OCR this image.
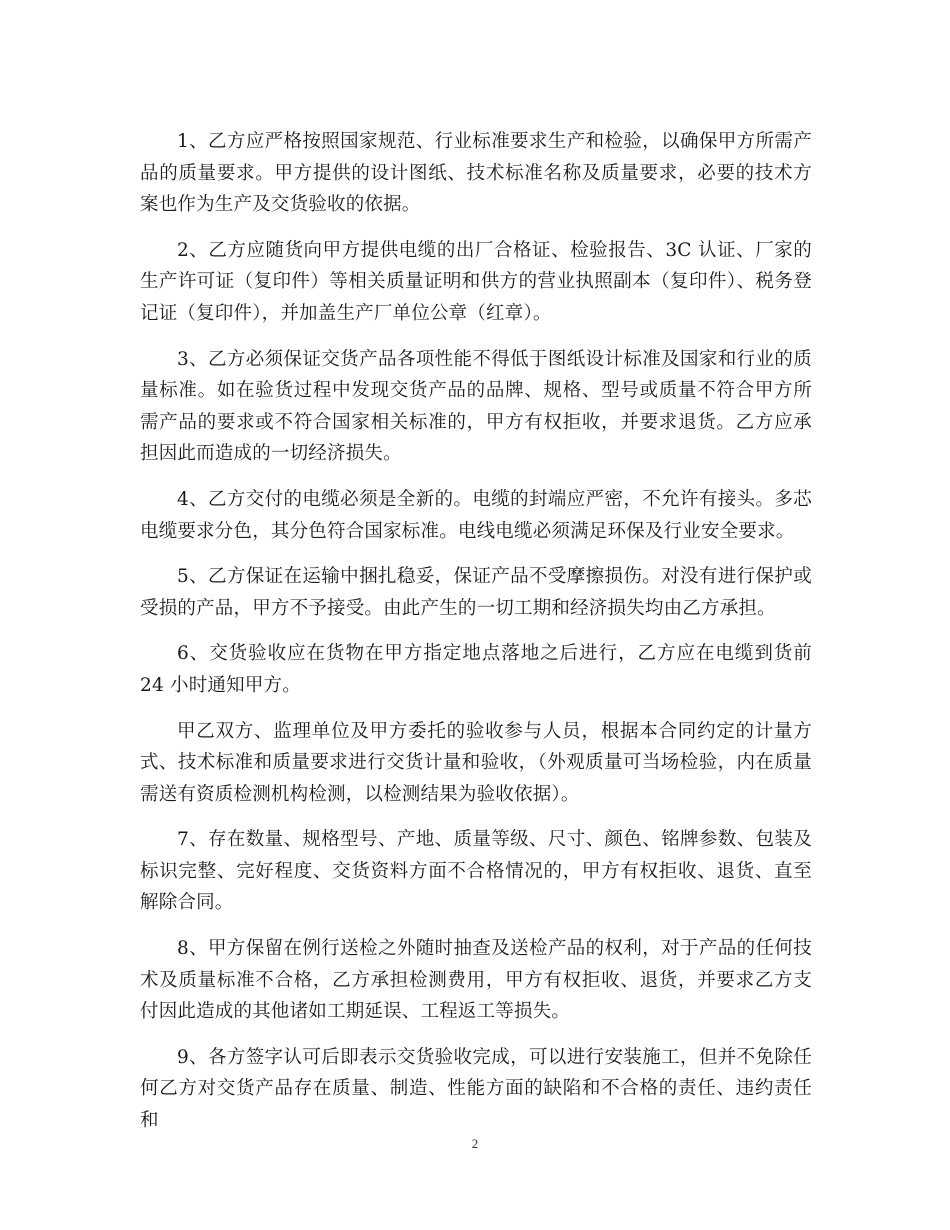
1、乙方应严格按照国家规范、行业标准要求生产和检验，以确保甲方所需产品的质量要求。甲方提供的设计图纸、技术标准名称及质量要求，必要的技术方案也作为生产及交货验收的依据。

2、乙方应随货向甲方提供电缆的出厂合格证、检验报告、3C 认证、厂家的生产许可证（复印件）等相关质量证明和供方的营业执照副本（复印件）、税务登记证（复印件），并加盖生产厂单位公章（红章）。

3、乙方必须保证交货产品各项性能不得低于图纸设计标准及国家和行业的质量标准。如在验货过程中发现交货产品的品牌、规格、型号或质量不符合甲方所需产品的要求或不符合国家相关标准的，甲方有权拒收，并要求退货。乙方应承担因此而造成的一切经济损失。

4、乙方交付的电缆必须是全新的。电缆的封端应严密，不允许有接头。多芯电缆要求分色，其分色符合国家标准。电线电缆必须满足环保及行业安全要求。

5、乙方保证在运输中捆扎稳妥，保证产品不受摩擦损伤。对没有进行保护或受损的产品，甲方不予接受。由此产生的一切工期和经济损失均由乙方承担。

6、交货验收应在货物在甲方指定地点落地之后进行，乙方应在电缆到货前 24 小时通知甲方。

甲乙双方、监理单位及甲方委托的验收参与人员，根据本合同约定的计量方式、技术标准和质量要求进行交货计量和验收，（外观质量可当场检验，内在质量需送有资质检测机构检测，以检测结果为验收依据）。

7、存在数量、规格型号、产地、质量等级、尺寸、颜色、铭牌参数、包装及标识完整、完好程度、交货资料方面不合格情况的，甲方有权拒收、退货、直至解除合同。

8、甲方保留在例行送检之外随时抽查及送检产品的权利，对于产品的任何技术及质量标准不合格，乙方承担检测费用，甲方有权拒收、退货，并要求乙方支付因此造成的其他诸如工期延误、工程返工等损失。

9、各方签字认可后即表示交货验收完成，可以进行安装施工，但并不免除任何乙方对交货产品存在质量、制造、性能方面的缺陷和不合格的责任、违约责任和

2
